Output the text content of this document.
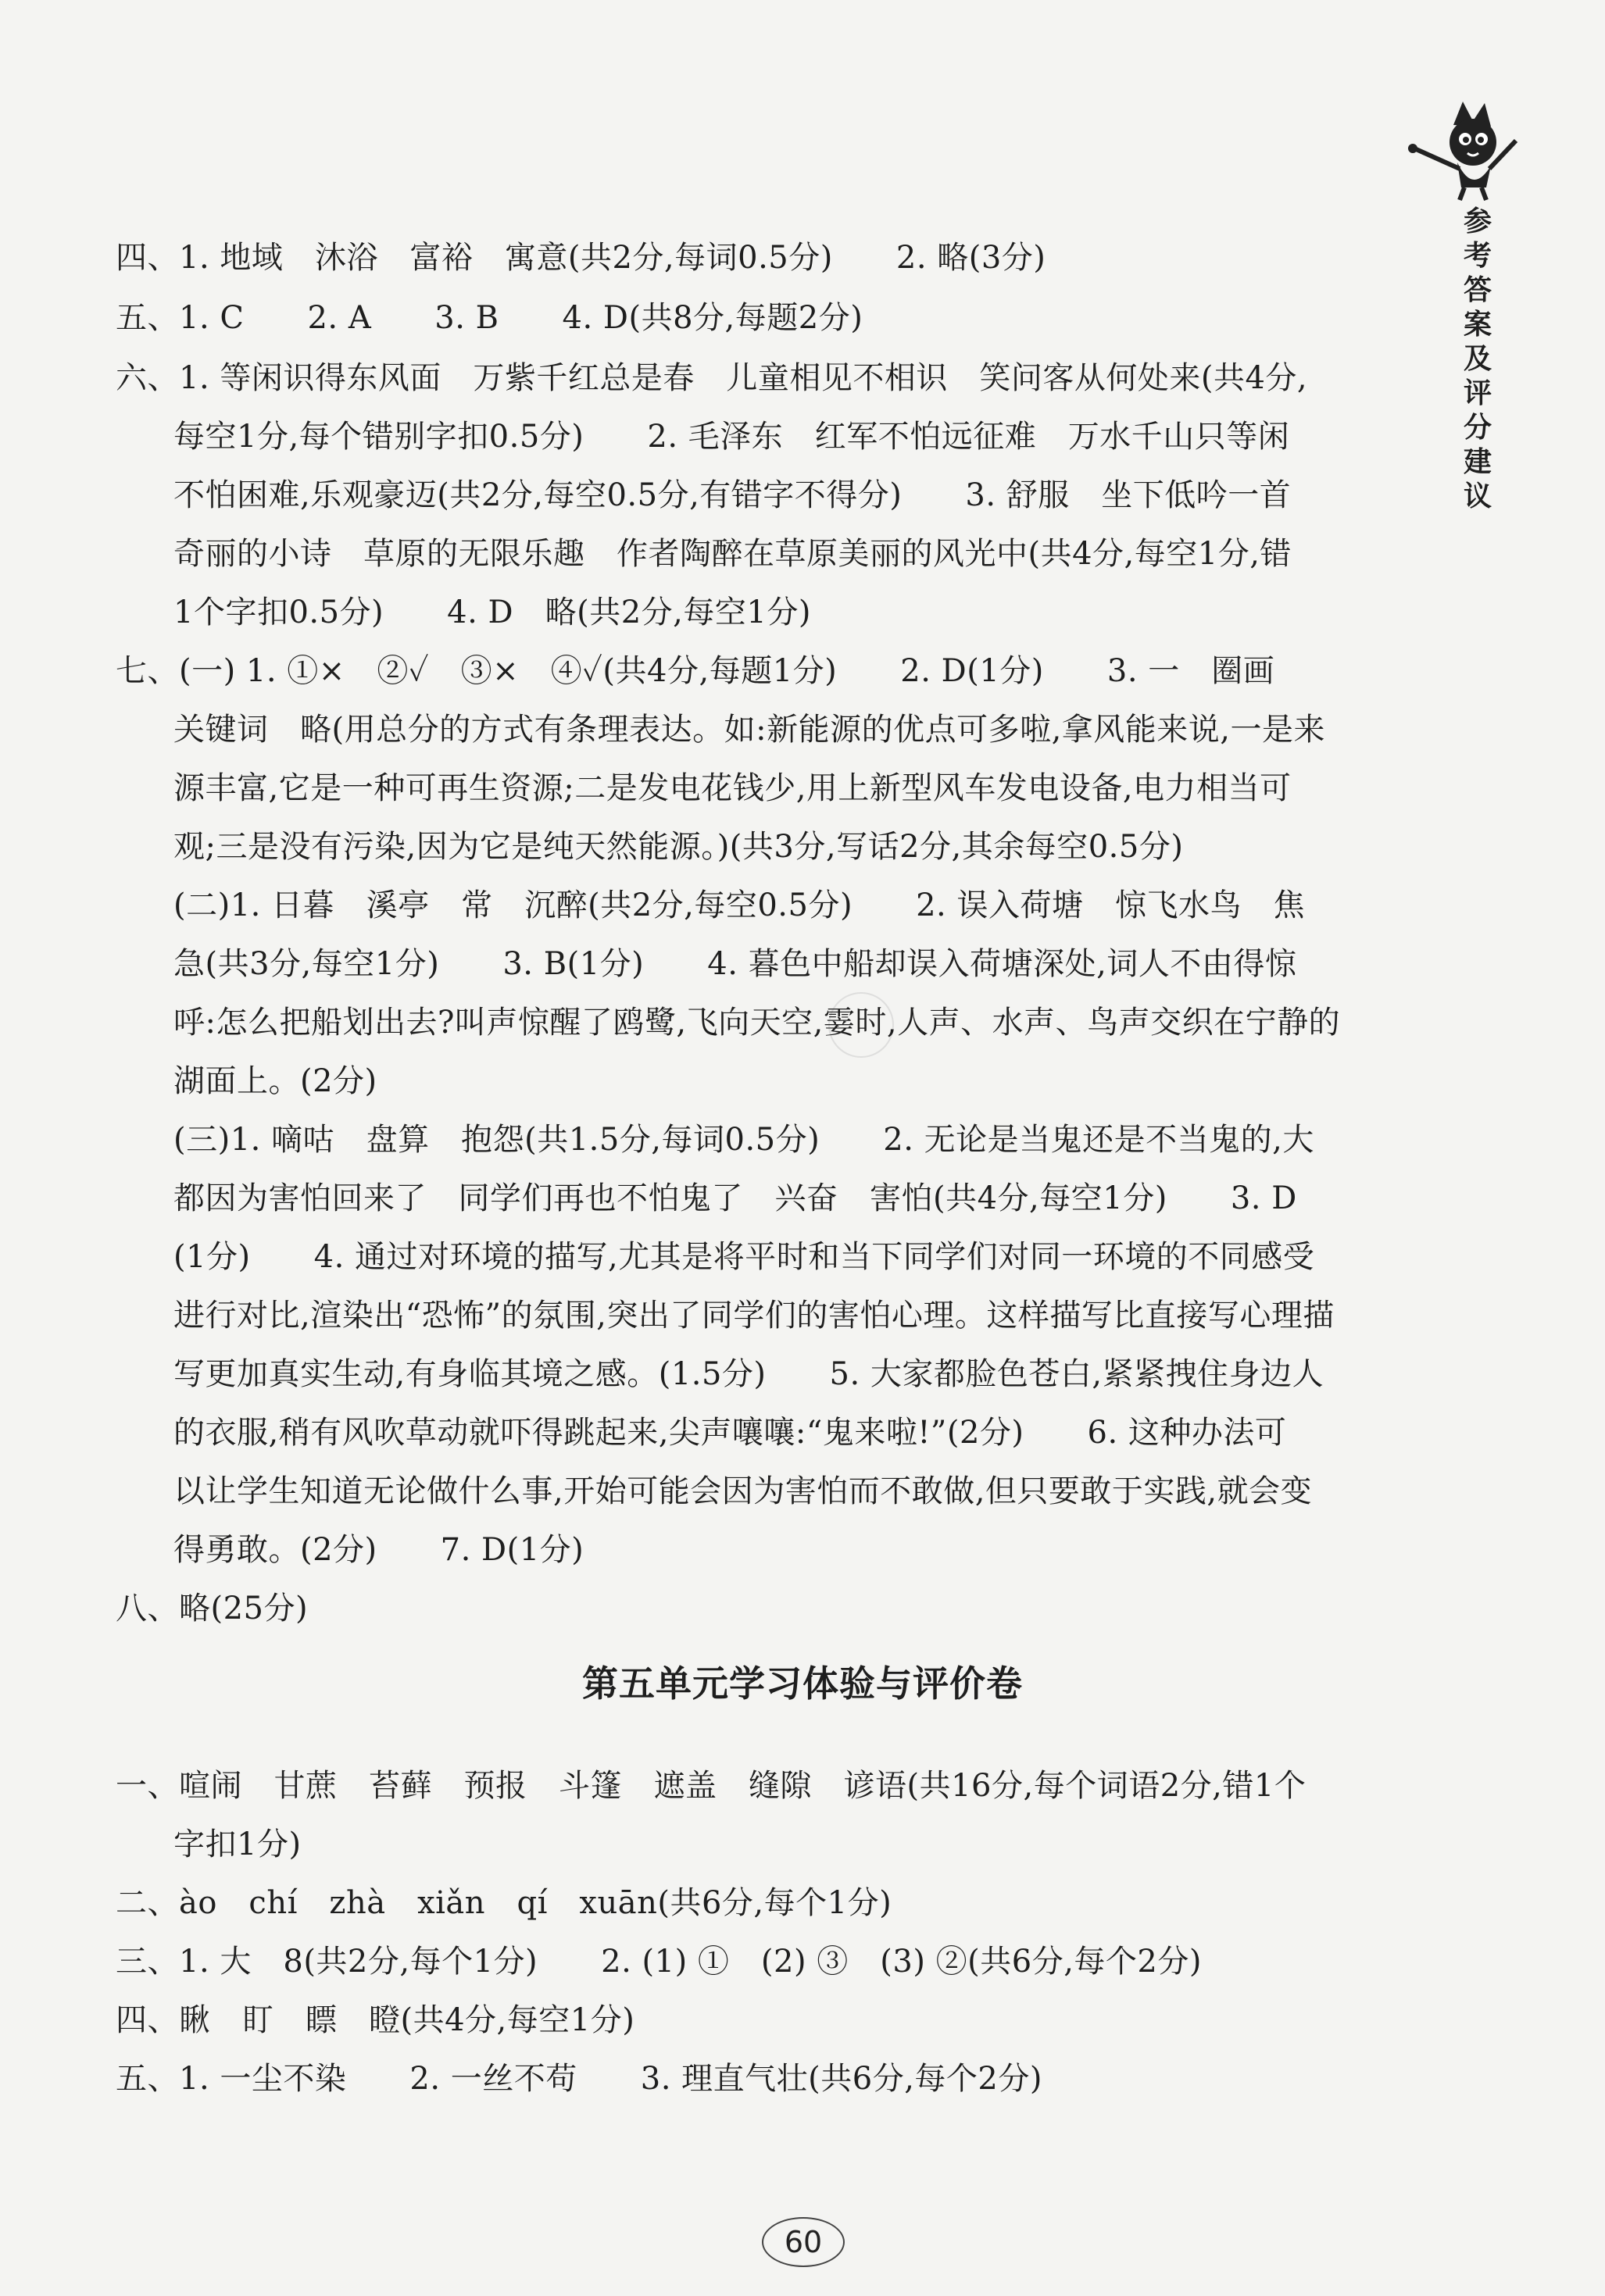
参考答案及评分建议
四、1. 地域　沐浴　富裕　寓意(共2分,每词0.5分)　　2. 略(3分)
五、1. C　　2. A　　3. B　　4. D(共8分,每题2分)
六、1. 等闲识得东风面　万紫千红总是春　儿童相见不相识　笑问客从何处来(共4分,
每空1分,每个错别字扣0.5分)　　2. 毛泽东　红军不怕远征难　万水千山只等闲
不怕困难,乐观豪迈(共2分,每空0.5分,有错字不得分)　　3. 舒服　坐下低吟一首
奇丽的小诗　草原的无限乐趣　作者陶醉在草原美丽的风光中(共4分,每空1分,错
1个字扣0.5分)　　4. D　略(共2分,每空1分)
七、(一) 1. ①×　②✓　③×　④✓(共4分,每题1分)　　2. D(1分)　　3. 一　圈画
关键词　略(用总分的方式有条理表达。如:新能源的优点可多啦,拿风能来说,一是来
源丰富,它是一种可再生资源;二是发电花钱少,用上新型风车发电设备,电力相当可
观;三是没有污染,因为它是纯天然能源。)(共3分,写话2分,其余每空0.5分)
(二)1. 日暮　溪亭　常　沉醉(共2分,每空0.5分)　　2. 误入荷塘　惊飞水鸟　焦
急(共3分,每空1分)　　3. B(1分)　　4. 暮色中船却误入荷塘深处,词人不由得惊
呼:怎么把船划出去?叫声惊醒了鸥鹭,飞向天空,霎时,人声、水声、鸟声交织在宁静的
湖面上。(2分)
(三)1. 嘀咕　盘算　抱怨(共1.5分,每词0.5分)　　2. 无论是当鬼还是不当鬼的,大
都因为害怕回来了　同学们再也不怕鬼了　兴奋　害怕(共4分,每空1分)　　3. D
(1分)　　4. 通过对环境的描写,尤其是将平时和当下同学们对同一环境的不同感受
进行对比,渲染出“恐怖”的氛围,突出了同学们的害怕心理。这样描写比直接写心理描
写更加真实生动,有身临其境之感。(1.5分)　　5. 大家都脸色苍白,紧紧拽住身边人
的衣服,稍有风吹草动就吓得跳起来,尖声嚷嚷:“鬼来啦!”(2分)　　6. 这种办法可
以让学生知道无论做什么事,开始可能会因为害怕而不敢做,但只要敢于实践,就会变
得勇敢。(2分)　　7. D(1分)
八、略(25分)
第五单元学习体验与评价卷
一、喧闹　甘蔗　苔藓　预报　斗篷　遮盖　缝隙　谚语(共16分,每个词语2分,错1个
字扣1分)
二、ào　chí　zhà　xiǎn　qí　xuān(共6分,每个1分)
三、1. 大　8(共2分,每个1分)　　2. (1) ①　(2) ③　(3) ②(共6分,每个2分)
四、瞅　盯　瞟　瞪(共4分,每空1分)
五、1. 一尘不染　　2. 一丝不苟　　3. 理直气壮(共6分,每个2分)
60
